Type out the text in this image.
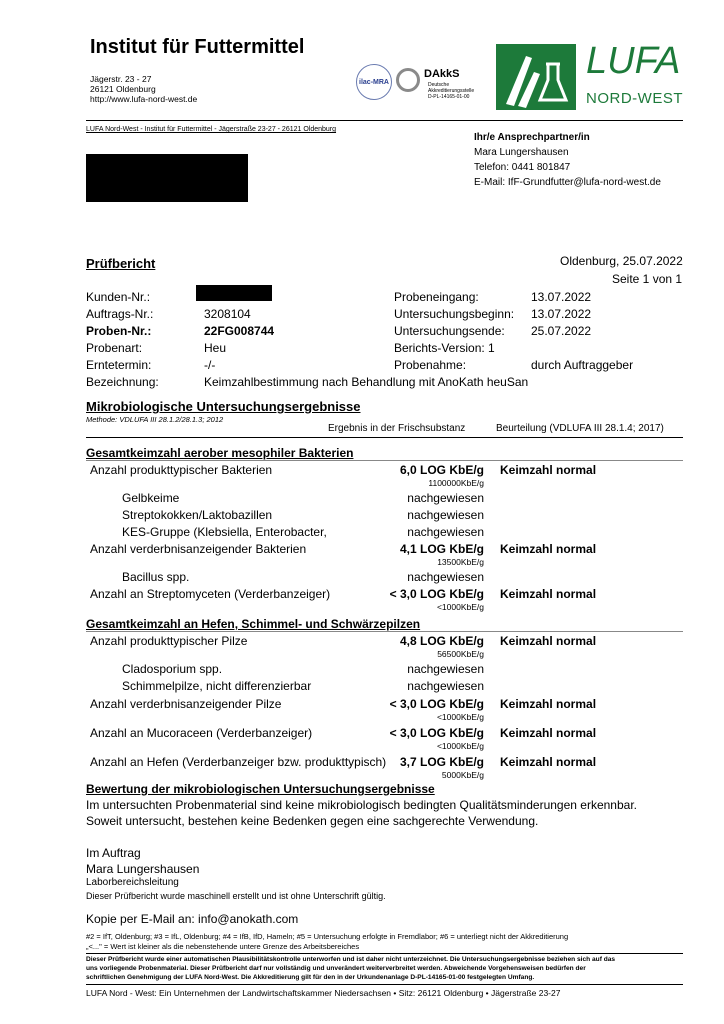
Institut für Futtermittel
Jägerstr. 23 - 27
26121 Oldenburg
http://www.lufa-nord-west.de
ilac-MRA
DAkkS
Deutsche
Akkreditierungsstelle
D-PL-14165-01-00
LUFA
NORD-WEST
LUFA Nord-West - Institut für Futtermittel - Jägerstraße 23-27 - 26121 Oldenburg
Ihr/e Ansprechpartner/in
Mara Lungershausen
Telefon: 0441 801847
E-Mail: IfF-Grundfutter@lufa-nord-west.de
Prüfbericht	Oldenburg, 25.07.2022
Seite 1 von 1
Kunden-Nr.:
Auftrags-Nr.:	3208104
Proben-Nr.:	22FG008744
Probenart:	Heu
Erntetermin:	-/-
Bezeichnung:	Keimzahlbestimmung nach Behandlung mit AnoKath heuSan
Probeneingang:	13.07.2022
Untersuchungsbeginn: 13.07.2022
Untersuchungsende: 25.07.2022
Berichts-Version: 1
Probenahme:	durch Auftraggeber
Mikrobiologische Untersuchungsergebnisse
Methode: VDLUFA III 28.1.2/28.1.3; 2012
Ergebnis in der Frischsubstanz	Beurteilung (VDLUFA III 28.1.4; 2017)
Gesamtkeimzahl aerober mesophiler Bakterien
Anzahl produkttypischer Bakterien	6,0 LOG KbE/g
1100000KbE/g
Keimzahl normal
Gelbkeime	nachgewiesen
Streptokokken/Laktobazillen	nachgewiesen
KES-Gruppe (Klebsiella, Enterobacter,	nachgewiesen
Anzahl verderbnisanzeigender Bakterien	4,1 LOG KbE/g
13500KbE/g
Keimzahl normal
Bacillus spp.	nachgewiesen
Anzahl an Streptomyceten (Verderbanzeiger)	< 3,0 LOG KbE/g
<1000KbE/g
Keimzahl normal
Gesamtkeimzahl an Hefen, Schimmel- und Schwärzepilzen
Anzahl produkttypischer Pilze	4,8 LOG KbE/g
56500KbE/g
Keimzahl normal
Cladosporium spp.	nachgewiesen
Schimmelpilze, nicht differenzierbar	nachgewiesen
Anzahl verderbnisanzeigender Pilze	< 3,0 LOG KbE/g
<1000KbE/g
Keimzahl normal
Anzahl an Mucoraceen (Verderbanzeiger)	< 3,0 LOG KbE/g
<1000KbE/g
Keimzahl normal
Anzahl an Hefen (Verderbanzeiger bzw. produkttypisch)	3,7 LOG KbE/g
5000KbE/g
Keimzahl normal
Bewertung der mikrobiologischen Untersuchungsergebnisse
Im untersuchten Probenmaterial sind keine mikrobiologisch bedingten Qualitätsminderungen erkennbar.
Soweit untersucht, bestehen keine Bedenken gegen eine sachgerechte Verwendung.
Im Auftrag
Mara Lungershausen
Laborbereichsleitung
Dieser Prüfbericht wurde maschinell erstellt und ist ohne Unterschrift gültig.
Kopie per E-Mail an: info@anokath.com
#2 = IfT, Oldenburg; #3 = IfL, Oldenburg; #4 = IfB, IfD, Hameln; #5 = Untersuchung erfolgte in Fremdlabor; #6 = unterliegt nicht der Akkreditierung
„<..." = Wert ist kleiner als die nebenstehende untere Grenze des Arbeitsbereiches
Dieser Prüfbericht wurde einer automatischen Plausibilitätskontrolle unterworfen und ist daher nicht unterzeichnet. Die Untersuchungsergebnisse beziehen sich auf das
uns vorliegende Probenmaterial. Dieser Prüfbericht darf nur vollständig und unverändert weiterverbreitet werden. Abweichende Vorgehensweisen bedürfen der
schriftlichen Genehmigung der LUFA Nord-West. Die Akkreditierung gilt für den in der Urkundenanlage D-PL-14165-01-00 festgelegten Umfang.
LUFA Nord - West: Ein Unternehmen der Landwirtschaftskammer Niedersachsen • Sitz: 26121 Oldenburg • Jägerstraße 23-27
